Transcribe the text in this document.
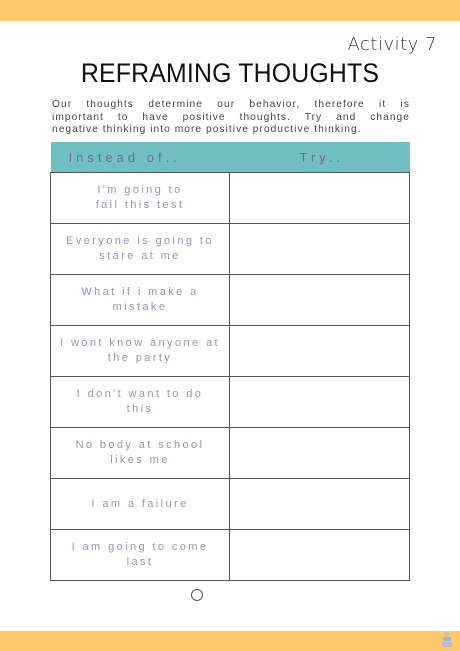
Activity 7
REFRAMING THOUGHTS
Our thoughts determine our behavior, therefore it is
important to have positive thoughts. Try and change
negative thinking into more positive productive thinking.
Instead of..	Try..

I'm going to
fail this test	

Everyone is going to
stare at me	

What if i make a
mistake	

I wont know anyone at
the party	

I don't want to do
this	

No body at school
likes me	

I am a failure	

I am going to come
last	
